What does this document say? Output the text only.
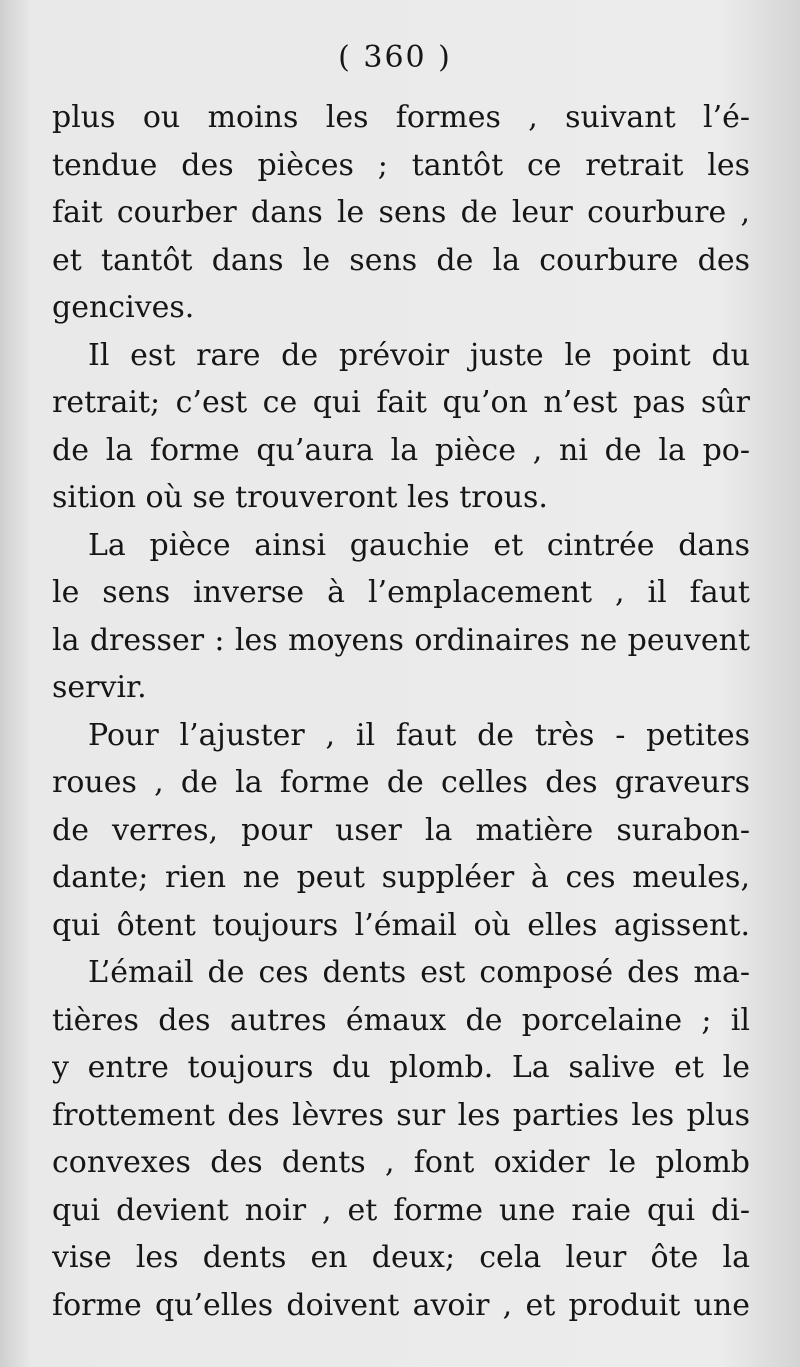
( 360 )
plus ou moins les formes , suivant l’é-
tendue des pièces ; tantôt ce retrait les
fait courber dans le sens de leur courbure ,
et tantôt dans le sens de la courbure des
gencives.
Il est rare de prévoir juste le point du
retrait; c’est ce qui fait qu’on n’est pas sûr
de la forme qu’aura la pièce , ni de la po-
sition où se trouveront les trous.
La pièce ainsi gauchie et cintrée dans
le sens inverse à l’emplacement , il faut
la dresser : les moyens ordinaires ne peuvent
servir.
Pour l’ajuster , il faut de très - petites
roues , de la forme de celles des graveurs
de verres, pour user la matière surabon-
dante; rien ne peut suppléer à ces meules,
qui ôtent toujours l’émail où elles agissent.
L’émail de ces dents est composé des ma-
tières des autres émaux de porcelaine ; il
y entre toujours du plomb. La salive et le
frottement des lèvres sur les parties les plus
convexes des dents , font oxider le plomb
qui devient noir , et forme une raie qui di-
vise les dents en deux; cela leur ôte la
forme qu’elles doivent avoir , et produit une
